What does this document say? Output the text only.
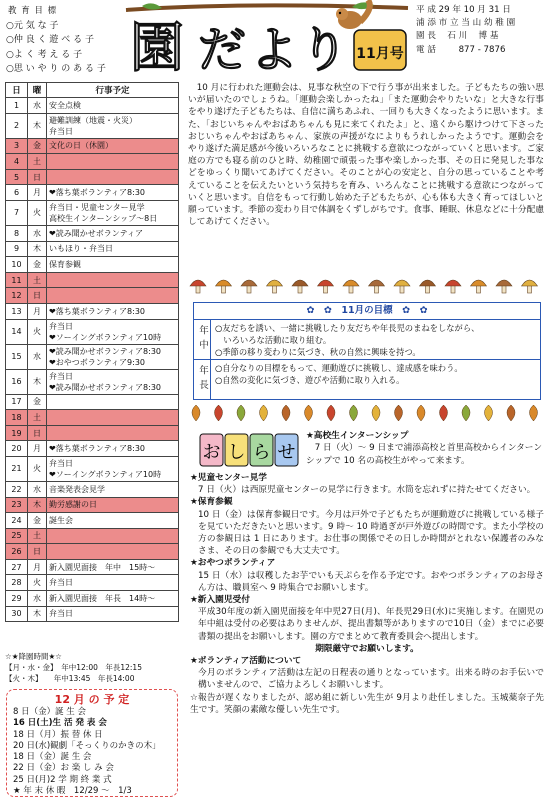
教 育 目 標
○元 気 な 子
○仲 良 く 遊 べ る 子
○よ く 考 え る 子
○思 い や り の あ る 子 園 だ よ り 11月号
平 成 29 年 10 月 31 日
浦 添 市 立 当 山 幼 稚 園
園 長　 石 川　 博 基
電 話　 　 877 - 7876
日	曜	行事予定
1	水	安全点検

2	木	避難訓練（地震・火災）
弁当日

3	金	文化の日（休園）

4	土	
5	日	
6	月	❤落ち葉ボランティア8:30

7	火	弁当日・児童センター見学
高校生インターンシップ～8日

8	水	❤読み聞かせボランティア

9	木	いもほり・弁当日

10	金	保育参観

11	土	
12	日	
13	月	❤落ち葉ボランティア8:30

14	火	弁当日
❤ソーイングボランティア10時

15	水	❤読み聞かせボランティア8:30
❤おやつボランティア9:30

16	木	弁当日
❤読み聞かせボランティア8:30

17	金	
18	土	
19	日	
20	月	❤落ち葉ボランティア8:30

21	火	弁当日
❤ソーイングボランティア10時

22	水	音楽発表会見学

23	木	勤労感謝の日

24	金	誕生会

25	土	
26	日	
27	月	新入園児面接　年中　15時～

28	火	弁当日

29	水	新入園児面接　年長　14時～

30	木	弁当日
☆★降園時間★☆
【月・水・金】　年中12:00　年長12:15
【火・木】　　年中13:45　年長14:00
12 月 の 予 定
8 日（金）誕 生 会
16 日(土)生 活 発 表 会
18 日（月）振 替 休 日
20 日(水)観劇「そっくりのかきの木」
18 日（金）誕 生 会
22 日（金）お 楽 し み 会
25 日(月)2 学 期 終 業 式
★ 年 末 休 暇　12/29 ～　1/3
　10 月に行われた運動会は、見事な秋空の下で行う事が出来ました。子どもたちの強い思いが届いたのでしょうね。「運動会楽しかったね」「また運動会やりたいな」と大きな行事をやり遂げた子どもたちは、自信に満ちあふれ、一回りも大きくなったように思います。また、「おじいちゃんやおばあちゃんも見に来てくれたよ」と、遠くから駆けつけて下さったおじいちゃんやおばあちゃん、家族の声援がなによりもうれしかったようです。運動会を やり遂げた満足感が今後いろいろなことに挑戦する意欲につながっていくと思います。ご家庭の方でも寝る前のひと時、幼稚園で頑張った事や楽しかった事、その日に発見した事などをゆっくり聞いてあげてください。そのことが心の安定と、自分の思っていることや考えていることを伝えたいという気持ちを育み、いろんなことに挑戦する意欲につながっていくと思います。自信をもって行動し始めた子どもたちが、心も体も大きく育ってほしいと願っています。季節の変わり目で体調をくずしがちです。食事、睡眠、休息などに十分配慮してあげてください。
✿　✿　11月の目標　✿　✿
年中 ○友だちを誘い、一緒に挑戦したり友だちや年長児のまねをしながら、
　いろいろな活動に取り組む。
○季節の移り変わりに気づき、秋の自然に興味を持つ。
年長 ○自分なりの目標をもって、運動遊びに挑戦し、達成感を味わう。
○自然の変化に気づき、遊びや活動に取り入れる。
お し ら せ
★高校生インターンシップ
　7 日（火）～ 9 日まで浦添高校と首里高校からインターンシップで 10 名の高校生がやって来ます。
★児童センター見学
7 日（火）は西原児童センターの見学に行きます。水筒を忘れずに持たせてください。
★保育参観
10 日（金）は保育参観日です。今月は戸外で子どもたちが運動遊びに挑戦している様子を見ていただきたいと思います。9 時～ 10 時過ぎが戸外遊びの時間です。また小学校の方の参観日は 1 日にあります。お仕事の関係でその日しか時間がとれない保護者のみなさま、その日の参観でも大丈夫です。
★おやつボランティア
15 日（水）は収穫したお芋でいも天ぷらを作る予定です。おやつボランティアのお母さん方は、職員室へ 9 時集合でお願いします。
★新入園児受付
平成30年度の新入園児面接を年中児27日(月)、年長児29日(水)に実施します。在園児の年中組は受付の必要はありませんが、提出書類等がありますので10日（金）までに必要書類の提出をお願いします。園の方でまとめて教育委員会へ提出します。
期限厳守でお願いします。
★ボランティア活動について
今月のボランティア活動は左記の日程表の通りとなっています。出来る時のお手伝いで構いませんので、ご協力よろしくお願いします。
☆報告が遅くなりましたが、認め組に新しい先生が 9月より赴任しました。玉城薬奈子先生です。笑顔の素敵な優しい先生です。
